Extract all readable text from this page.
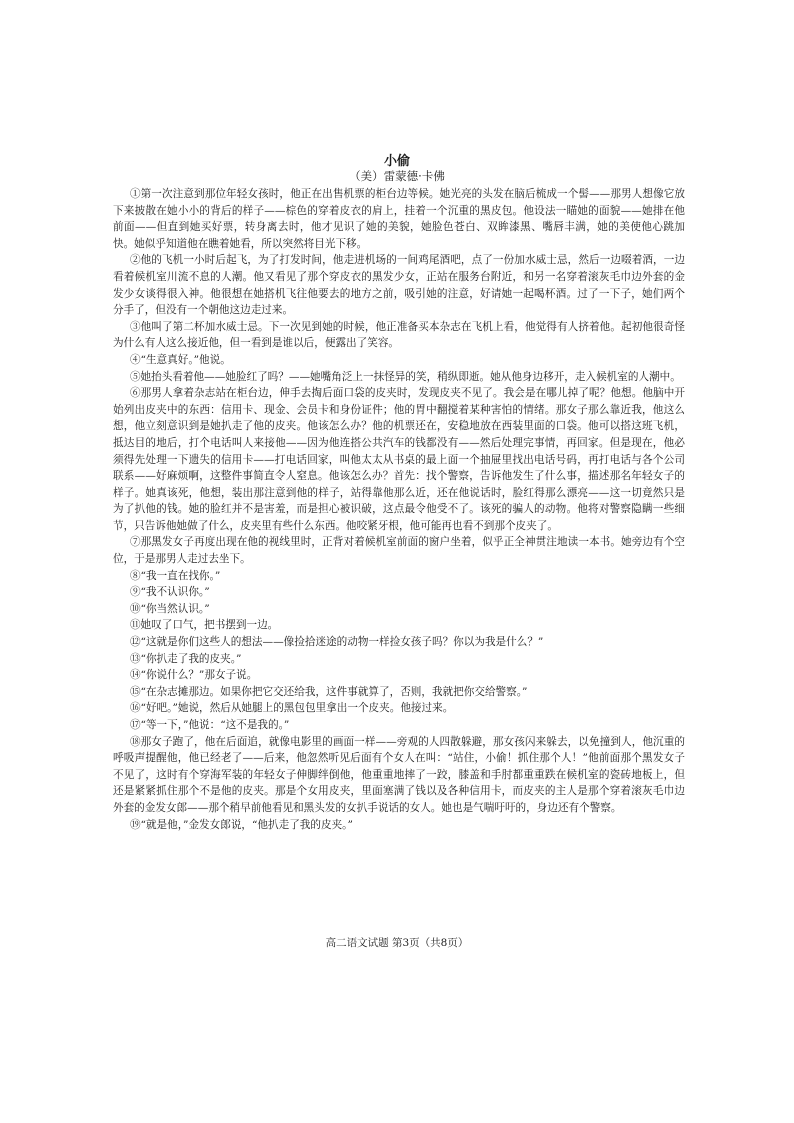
小偷
（美）雷蒙德·卡佛

①第一次注意到那位年轻女孩时，他正在出售机票的柜台边等候。她光亮的头发在脑后梳成一个髻——那男人想像它放下来披散在她小小的背后的样子——棕色的穿着皮衣的肩上，挂着一个沉重的黑皮包。他设法一瞄她的面貌——她排在他前面——但直到她买好票，转身离去时，他才见识了她的美貌，她脸色苍白、双眸漆黑、嘴唇丰满，她的美使他心跳加快。她似乎知道他在瞧着她看，所以突然将目光下移。

②他的飞机一小时后起飞，为了打发时间，他走进机场的一间鸡尾酒吧，点了一份加水威士忌，然后一边啜着酒，一边看着候机室川流不息的人潮。他又看见了那个穿皮衣的黑发少女，正站在服务台附近，和另一名穿着滚灰毛巾边外套的金发少女谈得很入神。他很想在她搭机飞往他要去的地方之前，吸引她的注意，好请她一起喝杯酒。过了一下子，她们两个分手了，但没有一个朝他这边走过来。

③他叫了第二杯加水威士忌。下一次见到她的时候，他正准备买本杂志在飞机上看，他觉得有人挤着他。起初他很奇怪为什么有人这么接近他，但一看到是谁以后，便露出了笑容。

④“生意真好。”他说。

⑤她抬头看着他——她脸红了吗？——她嘴角泛上一抹怪异的笑，稍纵即逝。她从他身边移开，走入候机室的人潮中。

⑥那男人拿着杂志站在柜台边，伸手去掏后面口袋的皮夹时，发现皮夹不见了。我会是在哪儿掉了呢？他想。他脑中开始列出皮夹中的东西：信用卡、现金、会员卡和身份证件；他的胃中翻搅着某种害怕的情绪。那女子那么靠近我，他这么想，他立刻意识到是她扒走了他的皮夹。他该怎么办？他的机票还在，安稳地放在西装里面的口袋。他可以搭这班飞机，抵达目的地后，打个电话叫人来接他——因为他连搭公共汽车的钱都没有——然后处理完事情，再回家。但是现在，他必须得先处理一下遗失的信用卡——打电话回家，叫他太太从书桌的最上面一个抽屉里找出电话号码，再打电话与各个公司联系——好麻烦啊，这整件事简直令人窒息。他该怎么办？首先：找个警察，告诉他发生了什么事，描述那名年轻女子的样子。她真该死，他想，装出那注意到他的样子，站得靠他那么近，还在他说话时，脸红得那么漂亮——这一切竟然只是为了扒他的钱。她的脸红并不是害羞，而是担心被识破，这点最令他受不了。该死的骗人的动物。他将对警察隐瞒一些细节，只告诉他她做了什么，皮夹里有些什么东西。他咬紧牙根，他可能再也看不到那个皮夹了。

⑦那黑发女子再度出现在他的视线里时，正背对着候机室前面的窗户坐着，似乎正全神贯注地读一本书。她旁边有个空位，于是那男人走过去坐下。

⑧“我一直在找你。”

⑨“我不认识你。”

⑩“你当然认识。”

⑪她叹了口气，把书摆到一边。

⑫“这就是你们这些人的想法——像捡拾迷途的动物一样捡女孩子吗？你以为我是什么？”

⑬“你扒走了我的皮夹。”

⑭“你说什么？”那女子说。

⑮“在杂志摊那边。如果你把它交还给我，这件事就算了，否则，我就把你交给警察。”

⑯“好吧。”她说，然后从她腿上的黑包包里拿出一个皮夹。他接过来。

⑰“等一下，”他说：“这不是我的。”

⑱那女子跑了，他在后面追，就像电影里的画面一样——旁观的人四散躲避，那女孩闪来躲去，以免撞到人，他沉重的呼吸声提醒他，他已经老了——后来，他忽然听见后面有个女人在叫：“站住，小偷！抓住那个人！”他前面那个黑发女子不见了，这时有个穿海军装的年轻女子伸脚绊倒他，他重重地摔了一跤，膝盖和手肘都重重跌在候机室的瓷砖地板上，但还是紧紧抓住那个不是他的皮夹。那是个女用皮夹，里面塞满了钱以及各种信用卡，而皮夹的主人是那个穿着滚灰毛巾边外套的金发女郎——那个稍早前他看见和黑头发的女扒手说话的女人。她也是气喘吁吁的，身边还有个警察。

⑲“就是他，”金发女郎说，“他扒走了我的皮夹。”

高二语文试题 第3页（共8页）
